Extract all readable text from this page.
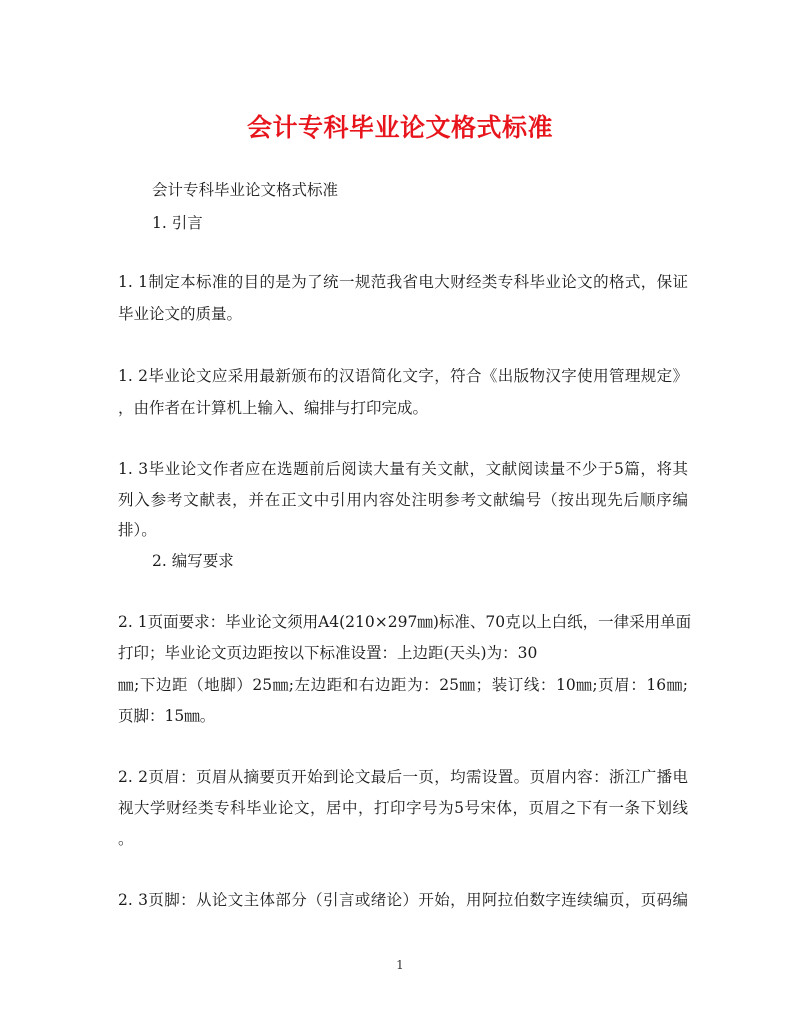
会计专科毕业论文格式标准
会计专科毕业论文格式标准
1. 引言
1. 1制定本标准的目的是为了统一规范我省电大财经类专科毕业论文的格式，保证
毕业论文的质量。
1. 2毕业论文应采用最新颁布的汉语简化文字，符合《出版物汉字使用管理规定》
，由作者在计算机上输入、编排与打印完成。
1. 3毕业论文作者应在选题前后阅读大量有关文献，文献阅读量不少于5篇，将其
列入参考文献表，并在正文中引用内容处注明参考文献编号（按出现先后顺序编
排）。
2. 编写要求
2. 1页面要求：毕业论文须用A4(210×297㎜)标准、70克以上白纸，一律采用单面
打印；毕业论文页边距按以下标准设置：上边距(天头)为：30
㎜;下边距（地脚）25㎜;左边距和右边距为：25㎜；装订线：10㎜;页眉：16㎜;
页脚：15㎜。
2. 2页眉：页眉从摘要页开始到论文最后一页，均需设置。页眉内容：浙江广播电
视大学财经类专科毕业论文，居中，打印字号为5号宋体，页眉之下有一条下划线
。
2. 3页脚：从论文主体部分（引言或绪论）开始，用阿拉伯数字连续编页，页码编
1
